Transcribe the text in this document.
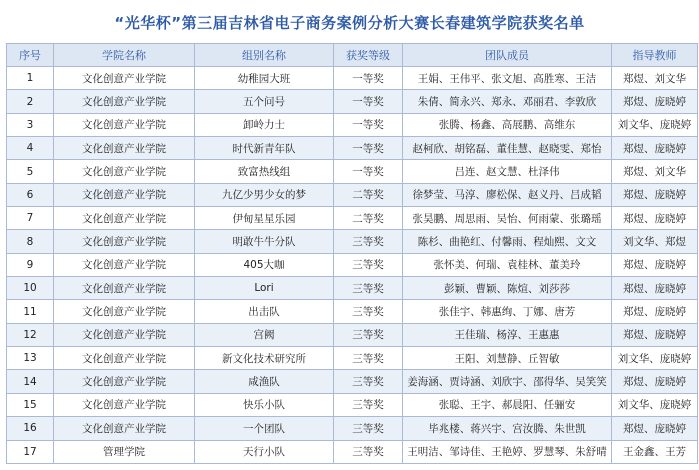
“光华杯”第三届吉林省电子商务案例分析大赛长春建筑学院获奖名单
序号	学院名称	组别名称	获奖等级	团队成员	指导教师
1	文化创意产业学院	幼稚园大班	一等奖	王娟、王伟平、张文旭、高胜寒、王洁	郑煜、刘文华
2	文化创意产业学院	五个问号	一等奖	朱倩、简永兴、郑永、邓丽君、李敦欣	郑煜、庞晓婷
3	文化创意产业学院	卸岭力士	一等奖	张腾、杨鑫、高展鹏、高维东	刘文华、庞晓婷
4	文化创意产业学院	时代新青年队	一等奖	赵柯欣、胡铭磊、董佳慧、赵晓雯、郑怡	郑煜、庞晓婷
5	文化创意产业学院	致富热线组	一等奖	吕连、赵文慧、杜泽伟	郑煜、刘文华
6	文化创意产业学院	九亿少男少女的梦	二等奖	徐梦莹、马淳、廖松保、赵义丹、吕成韬	郑煜、庞晓婷
7	文化创意产业学院	伊甸星星乐园	二等奖	张昊鹏、周思雨、吴怡、何雨蒙、张璐瑶	郑煜、庞晓婷
8	文化创意产业学院	明敢牛牛分队	三等奖	陈杉、曲艳红、付馨雨、程灿熙、文文	刘文华、郑煜
9	文化创意产业学院	405大咖	三等奖	张怀美、何瑞、袁桂林、董美玲	郑煜、庞晓婷
10	文化创意产业学院	Lori	三等奖	彭颖、曹颖、陈煊、刘莎莎	郑煜、庞晓婷
11	文化创意产业学院	出击队	三等奖	张佳宇、韩惠绚、丁娜、唐芳	郑煜、庞晓婷
12	文化创意产业学院	宫阙	三等奖	王佳瑞、杨淳、王惠惠	郑煜、庞晓婷
13	文化创意产业学院	新文化技术研究所	三等奖	王阳、刘慧静、丘智敏	刘文华、庞晓婷
14	文化创意产业学院	咸渔队	三等奖	姜海涵、贾诗涵、刘欣宇、邵得华、吴笑笑	郑煜、庞晓婷
15	文化创意产业学院	快乐小队	三等奖	张聪、王宇、郝晨阳、任骊安	刘文华、庞晓婷
16	文化创意产业学院	一个团队	三等奖	毕兆楼、蒋兴宇、宫汝腾、朱世凯	郑煜、庞晓婷
17	管理学院	天行小队	三等奖	王明洁、邹诗佳、王艳婷、罗慧琴、朱舒晴	王金鑫、王芳
